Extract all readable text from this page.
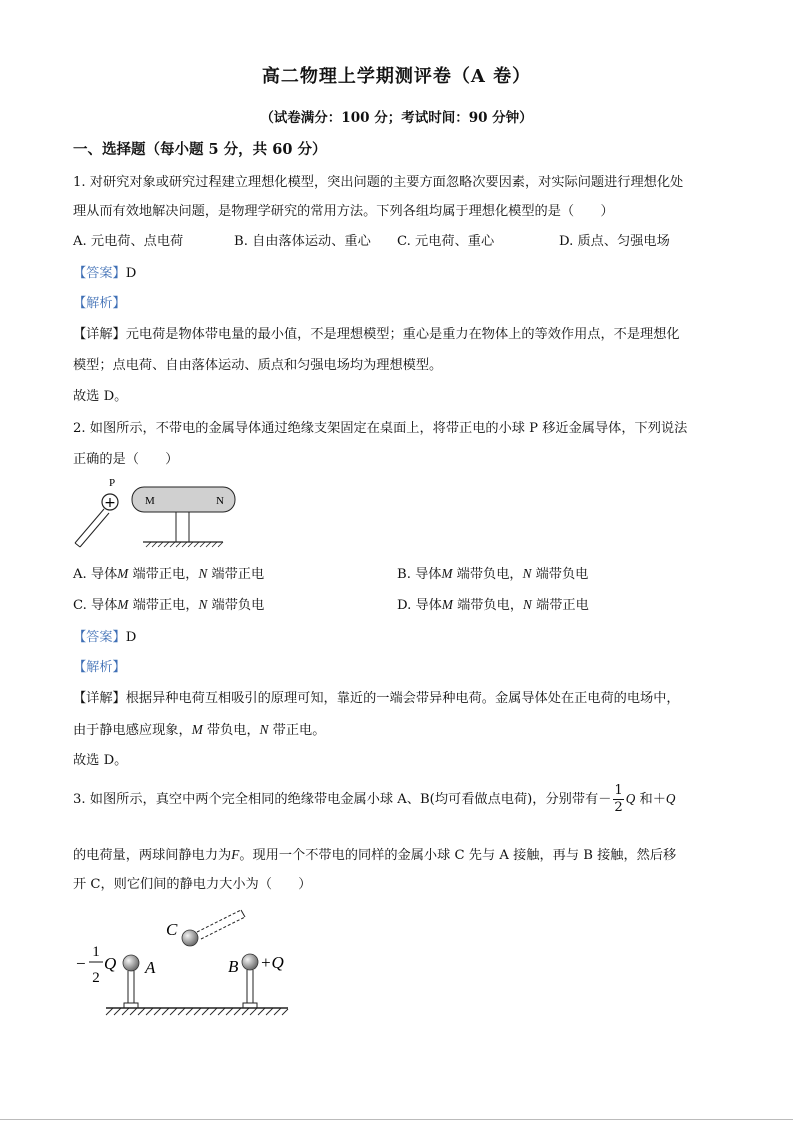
高二物理上学期测评卷（A 卷）
（试卷满分：100 分；考试时间：90 分钟）
一、选择题（每小题 5 分，共 60 分）
1. 对研究对象或研究过程建立理想化模型，突出问题的主要方面忽略次要因素，对实际问题进行理想化处
理从而有效地解决问题，是物理学研究的常用方法。下列各组均属于理想化模型的是（　　）
A. 元电荷、点电荷	B. 自由落体运动、重心 C. 元电荷、重心	D. 质点、匀强电场
【答案】D
【解析】
【详解】元电荷是物体带电量的最小值，不是理想模型；重心是重力在物体上的等效作用点，不是理想化
模型；点电荷、自由落体运动、质点和匀强电场均为理想模型。
故选 D。
2. 如图所示，不带电的金属导体通过绝缘支架固定在桌面上，将带正电的小球 P 移近金属导体，下列说法
正确的是（　　）
+
P
M	N
A. 导体M 端带正电，N 端带正电	B. 导体M 端带负电，N 端带负电
C. 导体M 端带正电，N 端带负电	D. 导体M 端带负电，N 端带正电
【答案】D
【解析】
【详解】根据异种电荷互相吸引的原理可知，靠近的一端会带异种电荷。金属导体处在正电荷的电场中，
由于静电感应现象，M 带负电，N 带正电。
故选 D。
3. 如图所示，真空中两个完全相同的绝缘带电金属小球 A、B(均可看做点电荷)，分别带有－ $\frac{1}{2}$ Q 和＋Q
的电荷量，两球间静电力为F。现用一个不带电的同样的金属小球 C 先与 A 接触，再与 B 接触，然后移
开 C，则它们间的静电力大小为（　　）
C
−
1
2
Q A	B +Q
